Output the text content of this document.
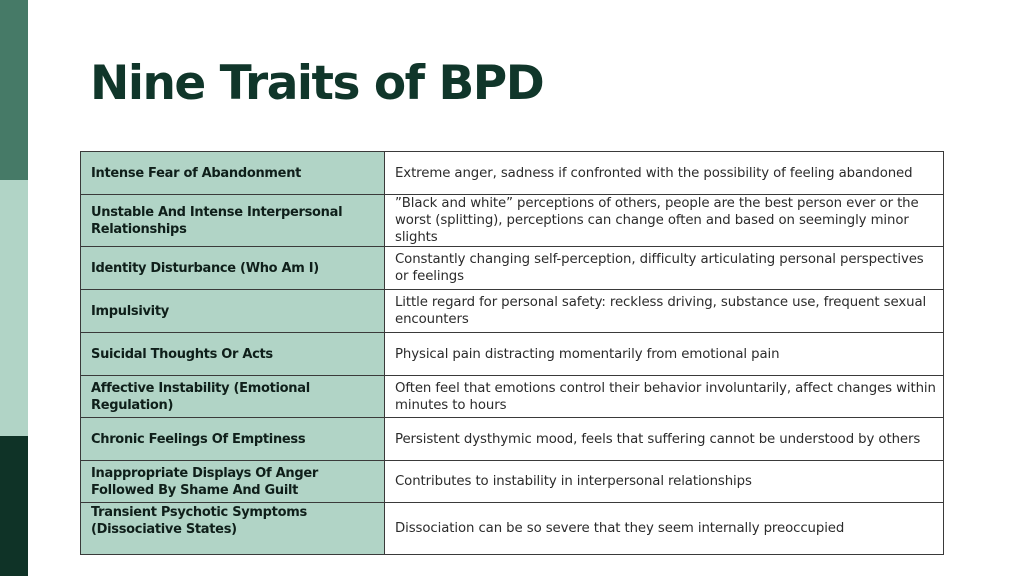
Nine Traits of BPD
Intense Fear of Abandonment	Extreme anger, sadness if confronted with the possibility of feeling abandoned
Unstable And Intense Interpersonal Relationships	”Black and white” perceptions of others, people are the best person ever or the worst (splitting), perceptions can change often and based on seemingly minor slights
Identity Disturbance (Who Am I)	Constantly changing self-perception, difficulty articulating personal perspectives or feelings
Impulsivity	Little regard for personal safety: reckless driving, substance use, frequent sexual encounters
Suicidal Thoughts Or Acts	Physical pain distracting momentarily from emotional pain
Affective Instability (Emotional Regulation)	Often feel that emotions control their behavior involuntarily, affect changes within minutes to hours
Chronic Feelings Of Emptiness	Persistent dysthymic mood, feels that suffering cannot be understood by others
Inappropriate Displays Of Anger Followed By Shame And Guilt	Contributes to instability in interpersonal relationships
Transient Psychotic Symptoms (Dissociative States)	Dissociation can be so severe that they seem internally preoccupied
